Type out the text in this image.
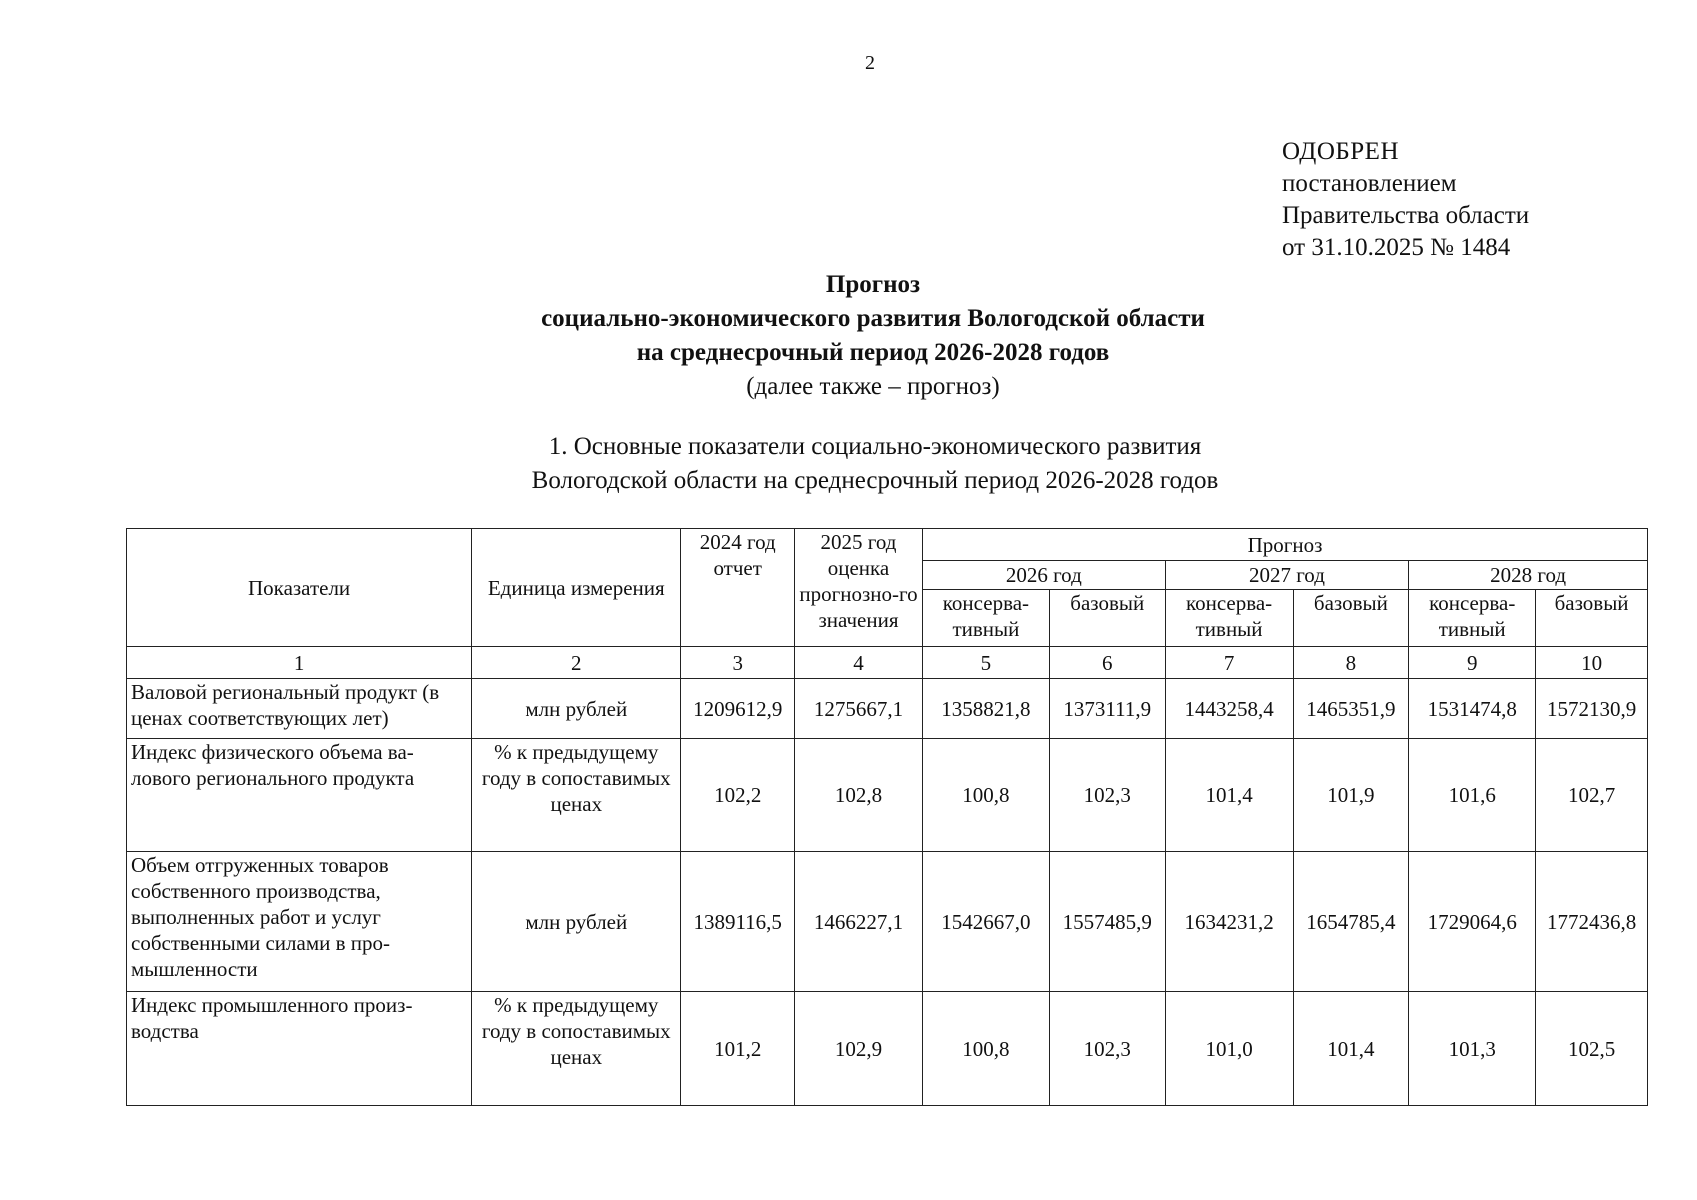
2
ОДОБРЕН
постановлением
Правительства области
от 31.10.2025 № 1484
Прогноз
социально-экономического развития Вологодской области
на среднесрочный период 2026-2028 годов
(далее также – прогноз)
1. Основные показатели социально-экономического развития
Вологодской области на среднесрочный период 2026-2028 годов
Показатели	Единица измерения	2024 год отчет	2025 год оценка прогнозно-го значения	Прогноз					
				2026 год		2027 год		2028 год	
				консерва-тивный	базовый	консерва-тивный	базовый	консерва-тивный	базовый
1	2	3	4	5	6	7	8	9	10
Валовой региональный продукт (в ценах соответствующих лет)	млн рублей	1209612,9	1275667,1	1358821,8	1373111,9	1443258,4	1465351,9	1531474,8	1572130,9
Индекс физического объема ва-лового регионального продукта	% к предыдущему году в сопоставимых ценах	102,2	102,8	100,8	102,3	101,4	101,9	101,6	102,7
Объем отгруженных товаров собственного производства, выполненных работ и услуг собственными силами в про-мышленности	млн рублей	1389116,5	1466227,1	1542667,0	1557485,9	1634231,2	1654785,4	1729064,6	1772436,8
Индекс промышленного произ-водства	% к предыдущему году в сопоставимых ценах	101,2	102,9	100,8	102,3	101,0	101,4	101,3	102,5
